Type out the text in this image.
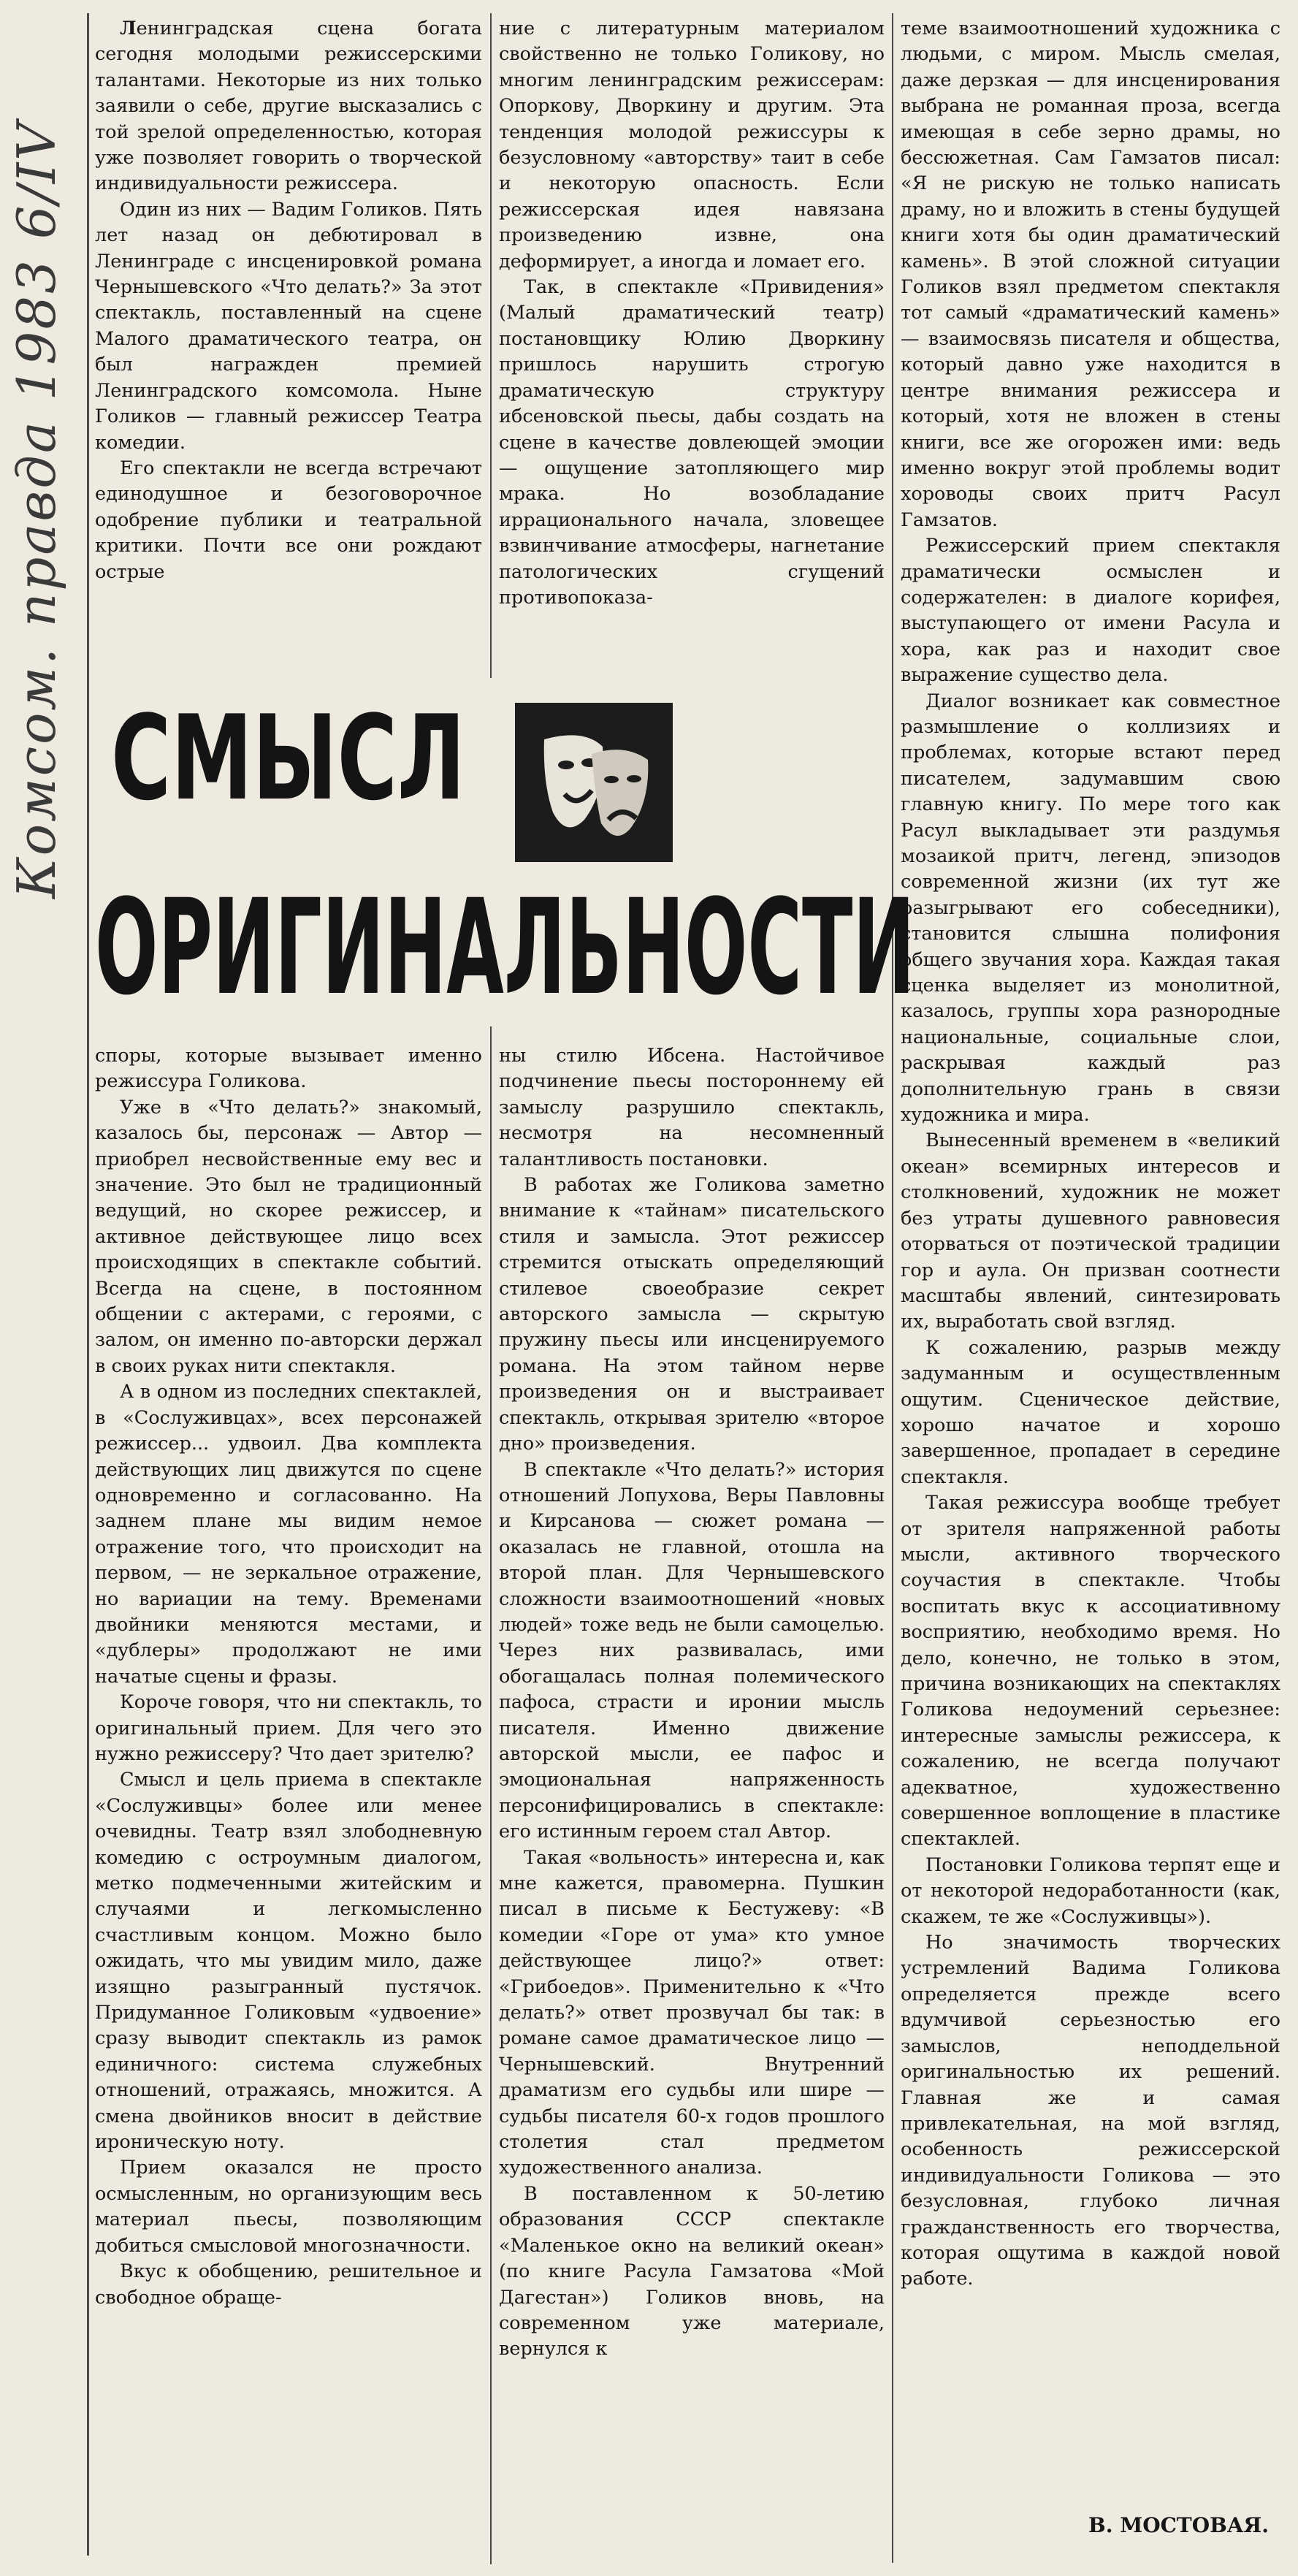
Комсом. правда 1983 6/IV

Ленинградская сцена богата сегодня молодыми режиссерскими талантами. Некоторые из них только заявили о себе, другие высказались с той зрелой определенностью, которая уже позволяет говорить о творческой индивидуальности режиссера.

Один из них — Вадим Голиков. Пять лет назад он дебютировал в Ленинграде с инсценировкой романа Чернышевского «Что делать?» За этот спектакль, поставленный на сцене Малого драматического театра, он был награжден премией Ленинградского комсомола. Ныне Голиков — главный режиссер Театра комедии.

Его спектакли не всегда встречают единодушное и безоговорочное одобрение публики и театральной критики. Почти все они рождают острые

ние с литературным материалом свойственно не только Голикову, но многим ленинградским режиссерам: Опоркову, Дворкину и другим. Эта тенденция молодой режиссуры к безусловному «авторству» таит в себе и некоторую опасность. Если режиссерская идея навязана произведению извне, она деформирует, а иногда и ломает его.

Так, в спектакле «Привидения» (Малый драматический театр) постановщику Юлию Дворкину пришлось нарушить строгую драматическую структуру ибсеновской пьесы, дабы создать на сцене в качестве довлеющей эмоции — ощущение затопляющего мир мрака. Но возобладание иррационального начала, зловещее взвинчивание атмосферы, нагнетание патологических сгущений противопоказа-

СМЫСЛ
ОРИГИНАЛЬНОСТИ

споры, которые вызывает именно режиссура Голикова.

Уже в «Что делать?» знакомый, казалось бы, персонаж — Автор — приобрел несвойственные ему вес и значение. Это был не традиционный ведущий, но скорее режиссер, и активное действующее лицо всех происходящих в спектакле событий. Всегда на сцене, в постоянном общении с актерами, с героями, с залом, он именно по-авторски держал в своих руках нити спектакля.

А в одном из последних спектаклей, в «Сослуживцах», всех персонажей режиссер... удвоил. Два комплекта действующих лиц движутся по сцене одновременно и согласованно. На заднем плане мы видим немое отражение того, что происходит на первом, — не зеркальное отражение, но вариации на тему. Временами двойники меняются местами, и «дублеры» продолжают не ими начатые сцены и фразы.

Короче говоря, что ни спектакль, то оригинальный прием. Для чего это нужно режиссеру? Что дает зрителю?

Смысл и цель приема в спектакле «Сослуживцы» более или менее очевидны. Театр взял злободневную комедию с остроумным диалогом, метко подмеченными житейским и случаями и легкомысленно счастливым концом. Можно было ожидать, что мы увидим мило, даже изящно разыгранный пустячок. Придуманное Голиковым «удвоение» сразу выводит спектакль из рамок единичного: система служебных отношений, отражаясь, множится. А смена двойников вносит в действие ироническую ноту.

Прием оказался не просто осмысленным, но организующим весь материал пьесы, позволяющим добиться смысловой многозначности.

Вкус к обобщению, решительное и свободное обраще-

ны стилю Ибсена. Настойчивое подчинение пьесы постороннему ей замыслу разрушило спектакль, несмотря на несомненный талантливость постановки.

В работах же Голикова заметно внимание к «тайнам» писательского стиля и замысла. Этот режиссер стремится отыскать определяющий стилевое своеобразие секрет авторского замысла — скрытую пружину пьесы или инсценируемого романа. На этом тайном нерве произведения он и выстраивает спектакль, открывая зрителю «второе дно» произведения.

В спектакле «Что делать?» история отношений Лопухова, Веры Павловны и Кирсанова — сюжет романа — оказалась не главной, отошла на второй план. Для Чернышевского сложности взаимоотношений «новых людей» тоже ведь не были самоцелью. Через них развивалась, ими обогащалась полная полемического пафоса, страсти и иронии мысль писателя. Именно движение авторской мысли, ее пафос и эмоциональная напряженность персонифицировались в спектакле: его истинным героем стал Автор.

Такая «вольность» интересна и, как мне кажется, правомерна. Пушкин писал в письме к Бестужеву: «В комедии «Горе от ума» кто умное действующее лицо?» ответ: «Грибоедов». Применительно к «Что делать?» ответ прозвучал бы так: в романе самое драматическое лицо — Чернышевский. Внутренний драматизм его судьбы или шире — судьбы писателя 60-х годов прошлого столетия стал предметом художественного анализа.

В поставленном к 50-летию образования СССР спектакле «Маленькое окно на великий океан» (по книге Расула Гамзатова «Мой Дагестан») Голиков вновь, на современном уже материале, вернулся к

теме взаимоотношений художника с людьми, с миром. Мысль смелая, даже дерзкая — для инсценирования выбрана не романная проза, всегда имеющая в себе зерно драмы, но бессюжетная. Сам Гамзатов писал: «Я не рискую не только написать драму, но и вложить в стены будущей книги хотя бы один драматический камень». В этой сложной ситуации Голиков взял предметом спектакля тот самый «драматический камень» — взаимосвязь писателя и общества, который давно уже находится в центре внимания режиссера и который, хотя не вложен в стены книги, все же огорожен ими: ведь именно вокруг этой проблемы водит хороводы своих притч Расул Гамзатов.

Режиссерский прием спектакля драматически осмыслен и содержателен: в диалоге корифея, выступающего от имени Расула и хора, как раз и находит свое выражение существо дела.

Диалог возникает как совместное размышление о коллизиях и проблемах, которые встают перед писателем, задумавшим свою главную книгу. По мере того как Расул выкладывает эти раздумья мозаикой притч, легенд, эпизодов современной жизни (их тут же разыгрывают его собеседники), становится слышна полифония общего звучания хора. Каждая такая сценка выделяет из монолитной, казалось, группы хора разнородные национальные, социальные слои, раскрывая каждый раз дополнительную грань в связи художника и мира.

Вынесенный временем в «великий океан» всемирных интересов и столкновений, художник не может без утраты душевного равновесия оторваться от поэтической традиции гор и аула. Он призван соотнести масштабы явлений, синтезировать их, выработать свой взгляд.

К сожалению, разрыв между задуманным и осуществленным ощутим. Сценическое действие, хорошо начатое и хорошо завершенное, пропадает в середине спектакля.

Такая режиссура вообще требует от зрителя напряженной работы мысли, активного творческого соучастия в спектакле. Чтобы воспитать вкус к ассоциативному восприятию, необходимо время. Но дело, конечно, не только в этом, причина возникающих на спектаклях Голикова недоумений серьезнее: интересные замыслы режиссера, к сожалению, не всегда получают адекватное, художественно совершенное воплощение в пластике спектаклей.

Постановки Голикова терпят еще и от некоторой недоработанности (как, скажем, те же «Сослуживцы»).

Но значимость творческих устремлений Вадима Голикова определяется прежде всего вдумчивой серьезностью его замыслов, неподдельной оригинальностью их решений. Главная же и самая привлекательная, на мой взгляд, особенность режиссерской индивидуальности Голикова — это безусловная, глубоко личная гражданственность его творчества, которая ощутима в каждой новой работе.

В. МОСТОВАЯ.
